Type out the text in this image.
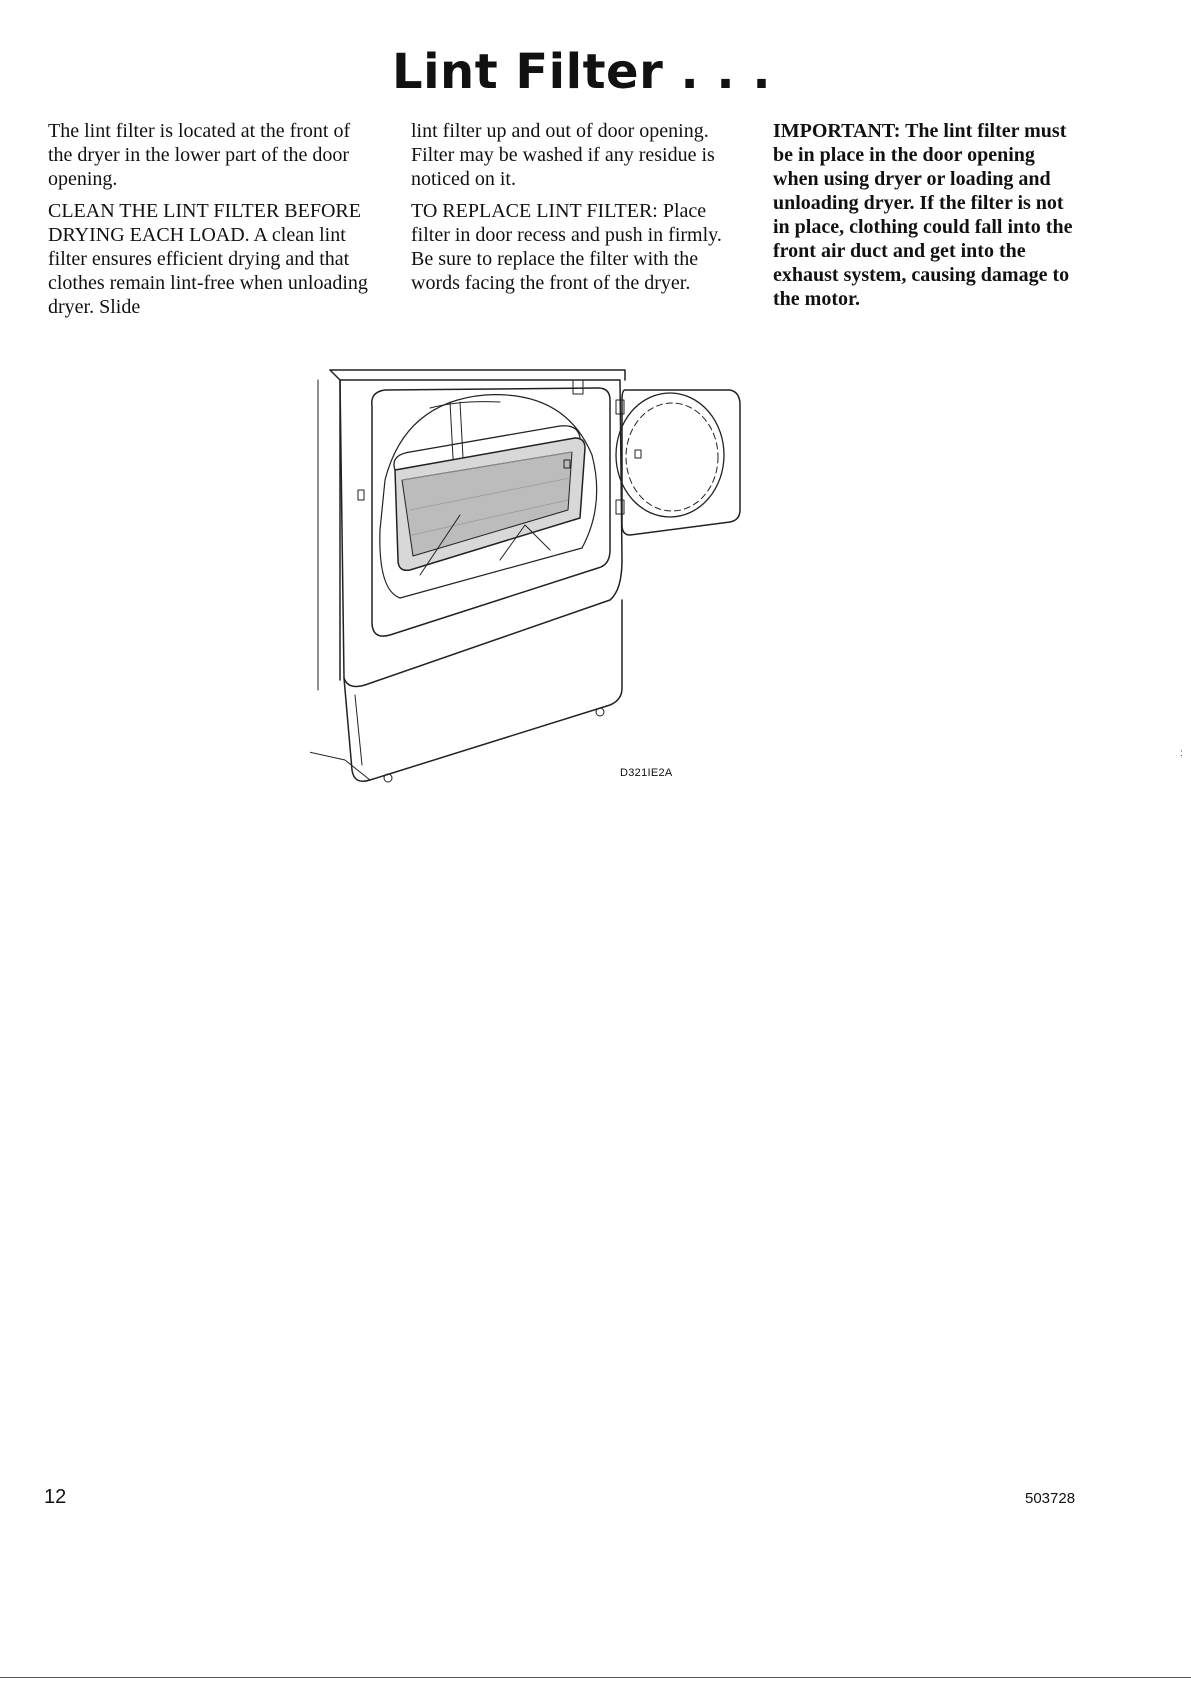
Lint Filter . . .

The lint filter is located at the front of the dryer in the lower part of the door opening.

CLEAN THE LINT FILTER BEFORE DRYING EACH LOAD. A clean lint filter ensures efficient drying and that clothes remain lint-free when unloading dryer. Slide

lint filter up and out of door opening. Filter may be washed if any residue is noticed on it.

TO REPLACE LINT FILTER: Place filter in door recess and push in firmly. Be sure to replace the filter with the words facing the front of the dryer.

IMPORTANT: The lint filter must be in place in the door opening when using dryer or loading and unloading dryer. If the filter is not in place, clothing could fall into the front air duct and get into the exhaust system, causing damage to the motor.

D321IE2A
:
12	503728
